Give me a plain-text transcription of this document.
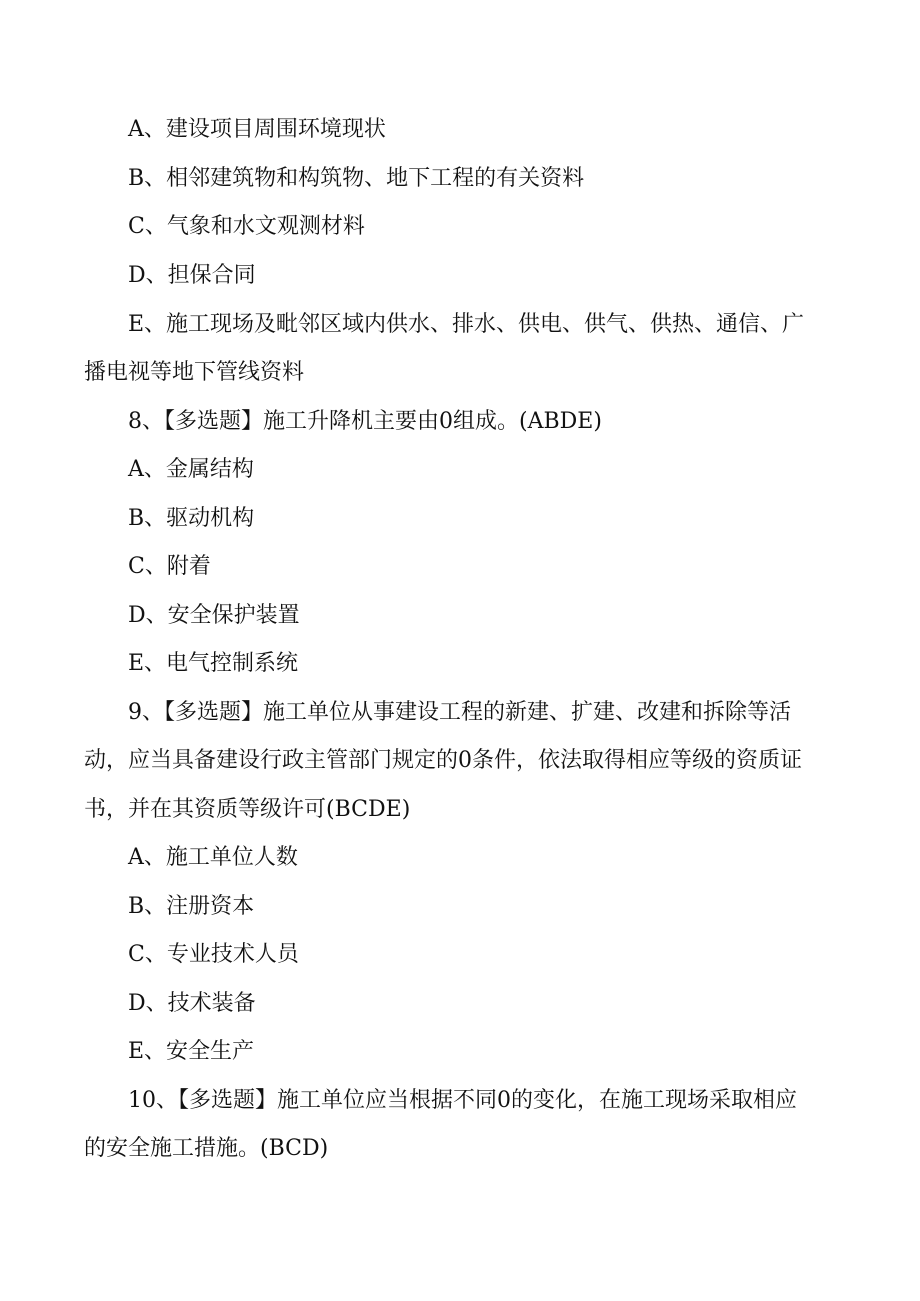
A、建设项目周围环境现状
B、相邻建筑物和构筑物、地下工程的有关资料
C、气象和水文观测材料
D、担保合同
E、施工现场及毗邻区域内供水、排水、供电、供气、供热、通信、广
播电视等地下管线资料
8、【多选题】施工升降机主要由0组成。(ABDE)
A、金属结构
B、驱动机构
C、附着
D、安全保护装置
E、电气控制系统
9、【多选题】施工单位从事建设工程的新建、扩建、改建和拆除等活
动，应当具备建设行政主管部门规定的0条件，依法取得相应等级的资质证
书，并在其资质等级许可(BCDE)
A、施工单位人数
B、注册资本
C、专业技术人员
D、技术装备
E、安全生产
10、【多选题】施工单位应当根据不同0的变化，在施工现场采取相应
的安全施工措施。(BCD)
